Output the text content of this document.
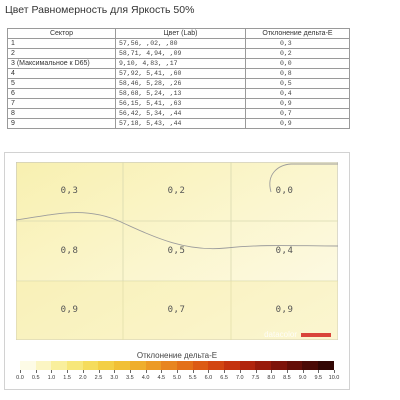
Цвет Равномерность для Яркость 50%
Сектор	Цвет (Lab)	Отклонение дельта-E
1	57,56, ,02, ,80	0,3
2	58,71, 4,94, ,09	0,2
3 (Максимальное к D65)	9,10, 4,83, ,17	0,0
4	57,92, 5,41, ,60	0,8
5	58,46, 5,28, ,26	0,5
6	58,68, 5,24, ,13	0,4
7	56,15, 5,41, ,63	0,9
8	56,42, 5,34, ,44	0,7
9	57,18, 5,43, ,44	0,9
0,3	0,2	0,0
0,8	0,5	0,4
0,9	0,7	0,9
datacolor
Отклонение дельта-E
0.0	0.5	1.0	1.5	2.0	2.5	3.0	3.5	4.0	4.5	5.0	5.5	6.0	6.5	7.0	7.5	8.0	8.5	9.0	9.5	10.0
